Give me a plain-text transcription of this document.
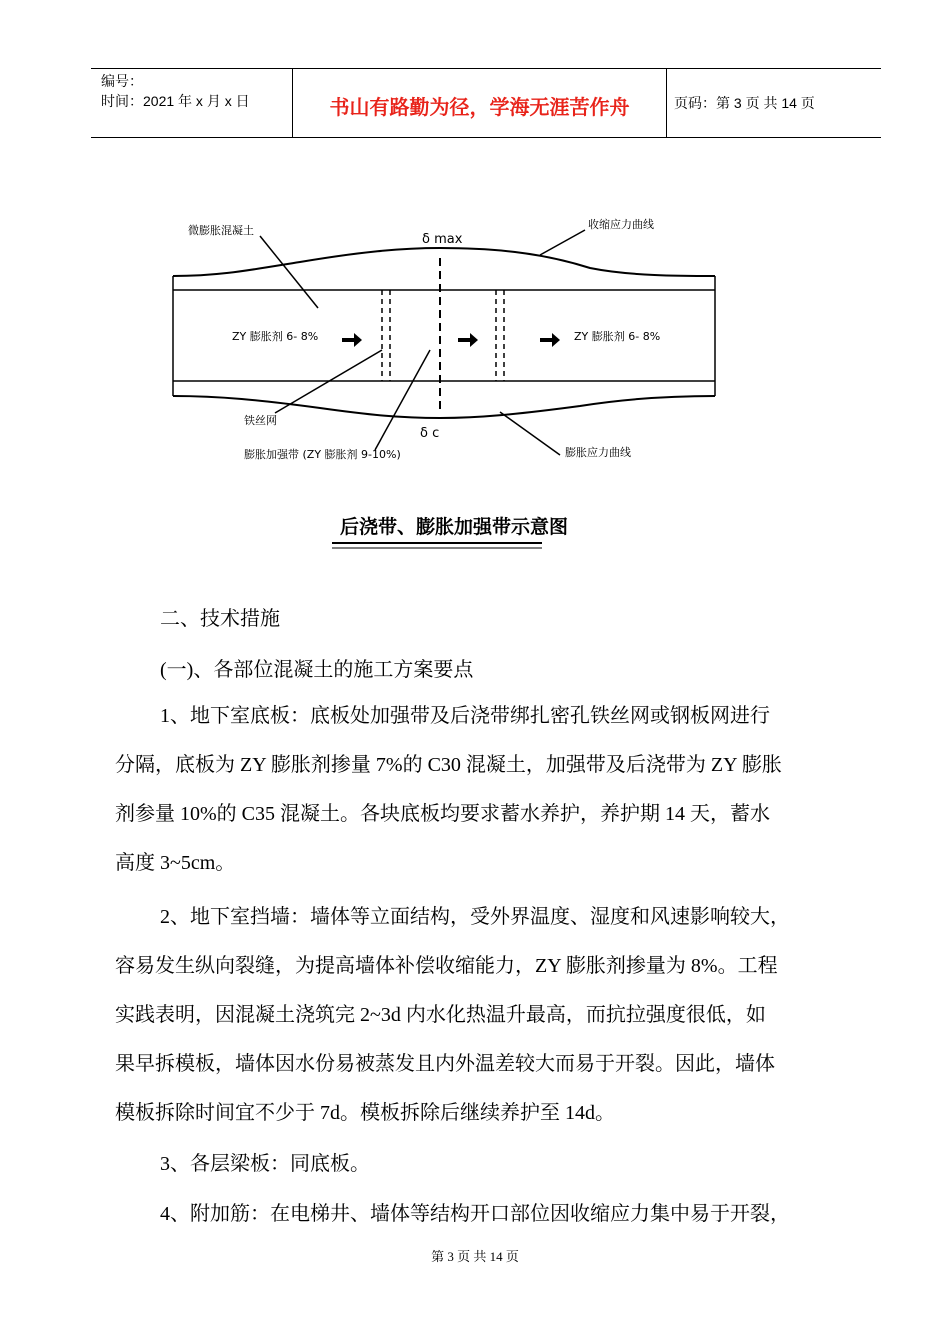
编号：
时间：2021 年 x 月 x 日	书山有路勤为径，学海无涯苦作舟	页码：第 3 页 共 14 页
微膨胀混凝土
δ max
收缩应力曲线
ZY 膨胀剂 6- 8%	ZY 膨胀剂 6- 8%
铁丝网
δ c
膨胀加强带 (ZY 膨胀剂 9-10%)	膨胀应力曲线
后浇带、膨胀加强带示意图

二、技术措施

(一)、各部位混凝土的施工方案要点

1、地下室底板：底板处加强带及后浇带绑扎密孔铁丝网或钢板网进行
分隔，底板为 ZY 膨胀剂掺量 7%的 C30 混凝土，加强带及后浇带为 ZY 膨胀
剂参量 10%的 C35 混凝土。各块底板均要求蓄水养护，养护期 14 天，蓄水
高度 3~5cm。
2、地下室挡墙：墙体等立面结构，受外界温度、湿度和风速影响较大，
容易发生纵向裂缝，为提高墙体补偿收缩能力，ZY 膨胀剂掺量为 8%。工程
实践表明，因混凝土浇筑完 2~3d 内水化热温升最高，而抗拉强度很低，如
果早拆模板，墙体因水份易被蒸发且内外温差较大而易于开裂。因此，墙体
模板拆除时间宜不少于 7d。模板拆除后继续养护至 14d。
3、各层梁板：同底板。
4、附加筋：在电梯井、墙体等结构开口部位因收缩应力集中易于开裂，
第 3 页 共 14 页
